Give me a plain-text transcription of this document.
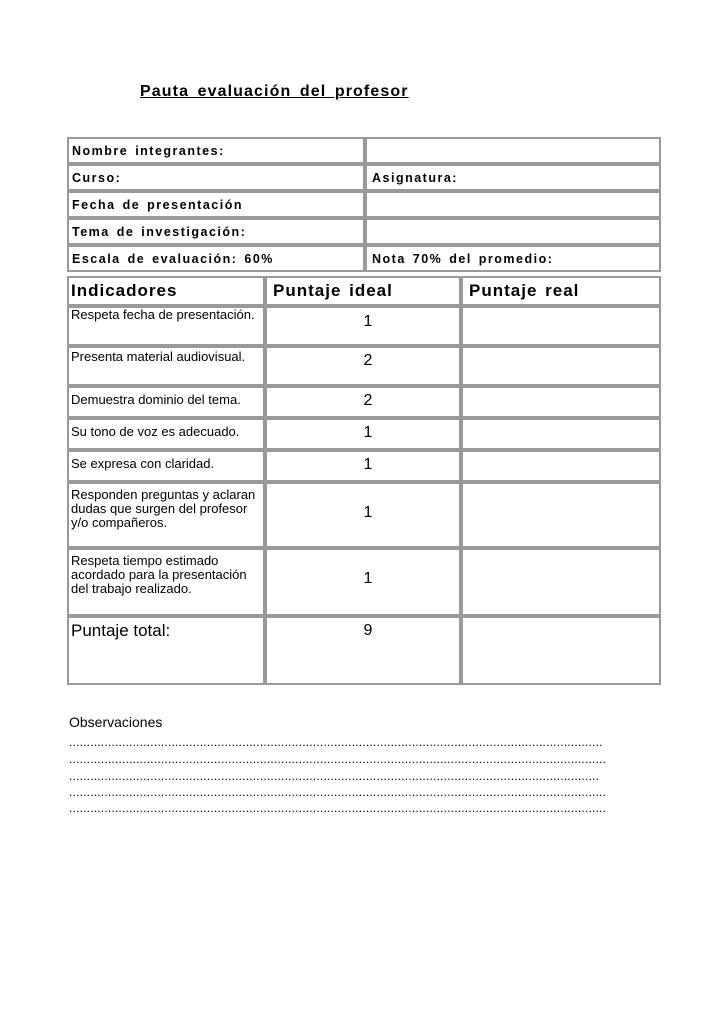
Pauta evaluación del profesor
Nombre integrantes:	
Curso:	Asignatura:
Fecha de presentación	
Tema de investigación:	
Escala de evaluación: 60%	Nota 70% del promedio:
Indicadores	Puntaje ideal	Puntaje real
Respeta fecha de presentación.	1	
Presenta material audiovisual.	2	
Demuestra dominio del tema.	2	
Su tono de voz es adecuado.	1	
Se expresa con claridad.	1	
Responden preguntas y aclaran dudas que surgen del profesor y/o compañeros.	1	
Respeta tiempo estimado acordado para la presentación del trabajo realizado.	1	
Puntaje total:	9	
Observaciones
.......................................................................................................................................................
........................................................................................................................................................
......................................................................................................................................................
........................................................................................................................................................
........................................................................................................................................................
